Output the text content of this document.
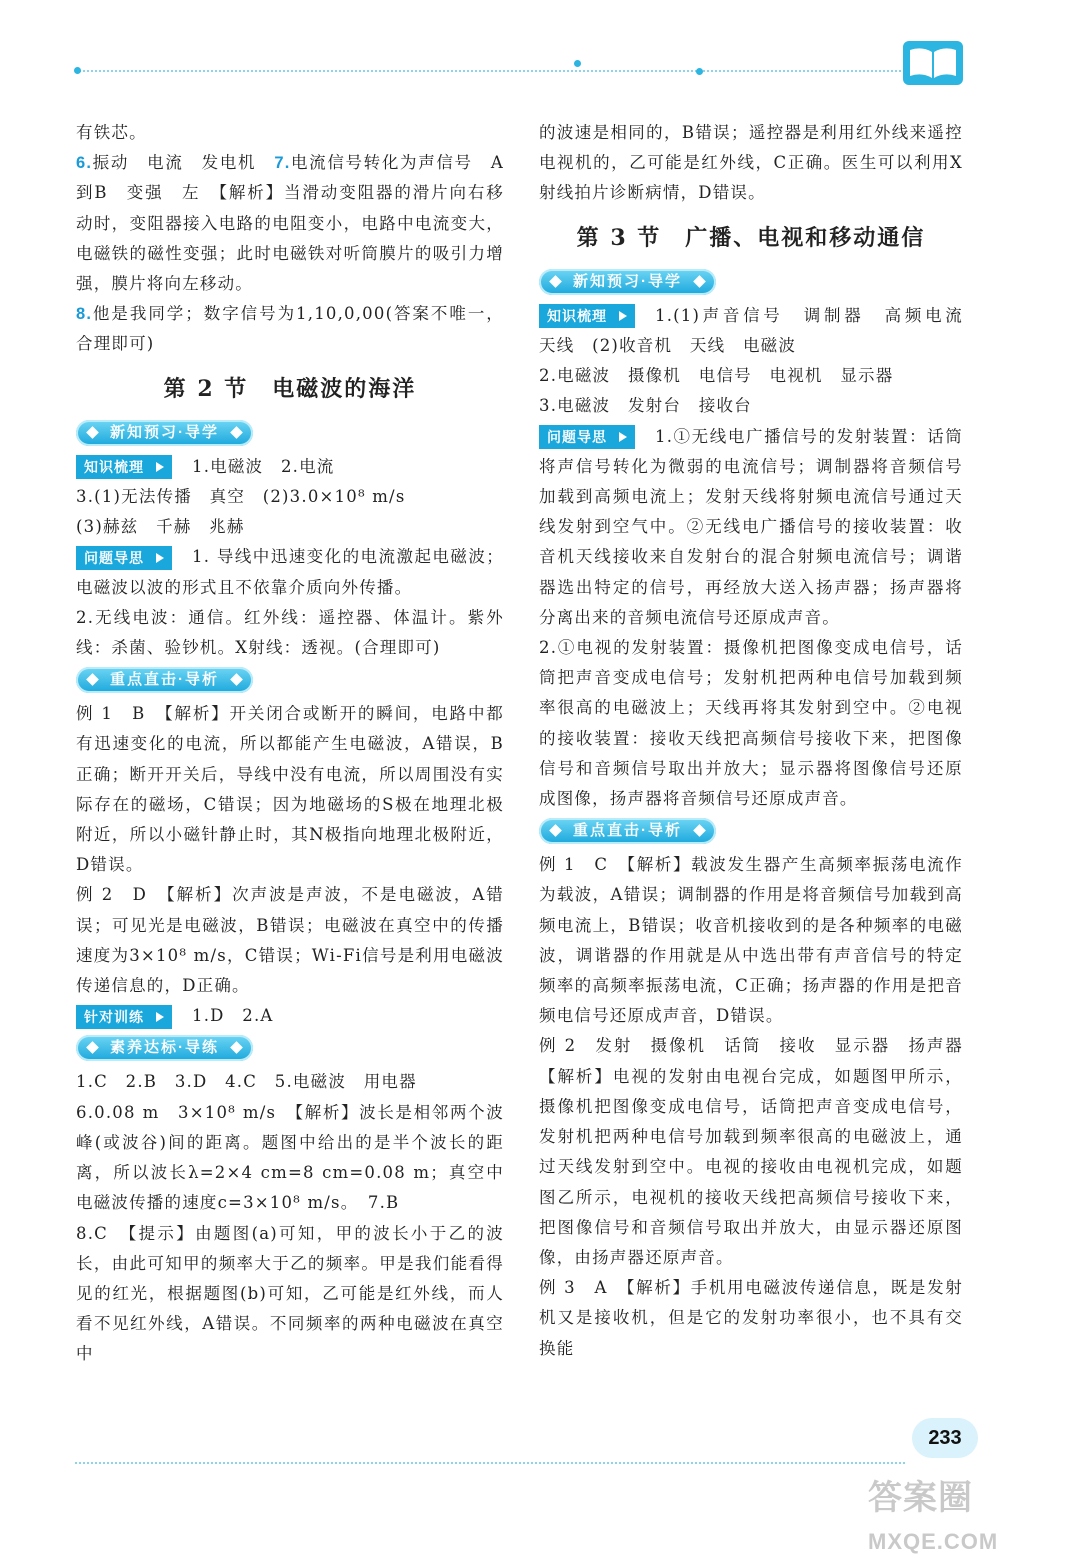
有铁芯。

6.振动　电流　发电机　7.电流信号转化为声信号　A到B　变强　左　【解析】当滑动变阻器的滑片向右移动时，变阻器接入电路的电阻变小，电路中电流变大，电磁铁的磁性变强；此时电磁铁对听筒膜片的吸引力增强，膜片将向左移动。

8.他是我同学；数字信号为1,10,0,00(答案不唯一，合理即可)

第 2 节　电磁波的海洋
新知预习·导学

知识梳理	1.电磁波　2.电流

3.(1)无法传播　真空　(2)3.0×10⁸ m/s

(3)赫兹　千赫　兆赫

问题导思	1. 导线中迅速变化的电流激起电磁波；电磁波以波的形式且不依靠介质向外传播。

2.无线电波：通信。红外线：遥控器、体温计。紫外线：杀菌、验钞机。X射线：透视。(合理即可)

重点直击·导析

例 1　B　【解析】开关闭合或断开的瞬间，电路中都有迅速变化的电流，所以都能产生电磁波，A错误，B正确；断开开关后，导线中没有电流，所以周围没有实际存在的磁场，C错误；因为地磁场的S极在地理北极附近，所以小磁针静止时，其N极指向地理北极附近，D错误。

例 2　D　【解析】次声波是声波，不是电磁波，A错误；可见光是电磁波，B错误；电磁波在真空中的传播速度为3×10⁸ m/s，C错误；Wi-Fi信号是利用电磁波传递信息的，D正确。

针对训练	1.D　2.A

素养达标·导练

1.C　2.B　3.D　4.C　5.电磁波　用电器

6.0.08 m　3×10⁸ m/s　【解析】波长是相邻两个波峰(或波谷)间的距离。题图中给出的是半个波长的距离，所以波长λ=2×4 cm=8 cm=0.08 m；真空中电磁波传播的速度c=3×10⁸ m/s。　7.B

8.C　【提示】由题图(a)可知，甲的波长小于乙的波长，由此可知甲的频率大于乙的频率。甲是我们能看得见的红光，根据题图(b)可知，乙可能是红外线，而人看不见红外线，A错误。不同频率的两种电磁波在真空中

的波速是相同的，B错误；遥控器是利用红外线来遥控电视机的，乙可能是红外线，C正确。医生可以利用X射线拍片诊断病情，D错误。

第 3 节　广播、电视和移动通信
新知预习·导学

知识梳理	1.(1)声音信号　调制器　高频电流　天线　(2)收音机　天线　电磁波

2.电磁波　摄像机　电信号　电视机　显示器

3.电磁波　发射台　接收台

问题导思	1.①无线电广播信号的发射装置：话筒将声信号转化为微弱的电流信号；调制器将音频信号加载到高频电流上；发射天线将射频电流信号通过天线发射到空气中。②无线电广播信号的接收装置：收音机天线接收来自发射台的混合射频电流信号；调谐器选出特定的信号，再经放大送入扬声器；扬声器将分离出来的音频电流信号还原成声音。

2.①电视的发射装置：摄像机把图像变成电信号，话筒把声音变成电信号；发射机把两种电信号加载到频率很高的电磁波上；天线再将其发射到空中。②电视的接收装置：接收天线把高频信号接收下来，把图像信号和音频信号取出并放大；显示器将图像信号还原成图像，扬声器将音频信号还原成声音。

重点直击·导析

例 1　C　【解析】载波发生器产生高频率振荡电流作为载波，A错误；调制器的作用是将音频信号加载到高频电流上，B错误；收音机接收到的是各种频率的电磁波，调谐器的作用就是从中选出带有声音信号的特定频率的高频率振荡电流，C正确；扬声器的作用是把音频电信号还原成声音，D错误。

例 2　发射　摄像机　话筒　接收　显示器　扬声器　【解析】电视的发射由电视台完成，如题图甲所示，摄像机把图像变成电信号，话筒把声音变成电信号，发射机把两种电信号加载到频率很高的电磁波上，通过天线发射到空中。电视的接收由电视机完成，如题图乙所示，电视机的接收天线把高频信号接收下来，把图像信号和音频信号取出并放大，由显示器还原图像，由扬声器还原声音。

例 3　A　【解析】手机用电磁波传递信息，既是发射机又是接收机，但是它的发射功率很小，也不具有交换能

233
答案圈
MXQE.COM
